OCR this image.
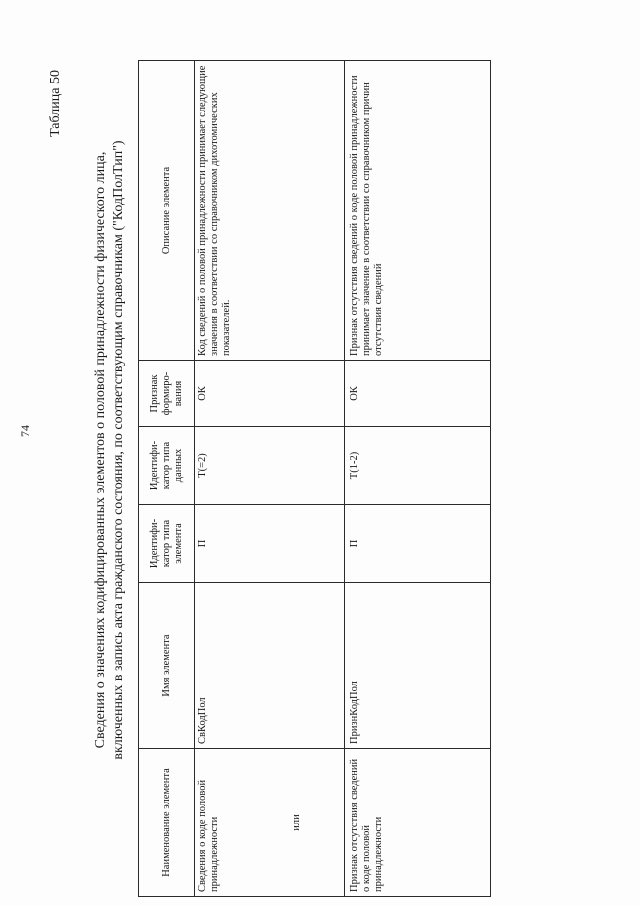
74
Таблица 50
Сведения о значениях кодифицированных элементов о половой принадлежности физического лица, включенных в запись акта гражданского состояния, по соответствующим справочникам ("КодПолТип")
Наименование элемента	Имя элемента	Идентифи-катор типа элемента	Идентифи-катор типа данных	Признак формиро-вания	Описание элемента
Сведения о коде половой принадлежности или	СвКодПол	П	T(=2)	ОК	Код сведений о половой принадлежности принимает следующие значения в соответствии со справочником дихотомических показателей.
Признак отсутствия сведений о коде половой принадлежности	ПризнКодПол	П	T(1-2)	ОК	Признак отсутствия сведений о коде половой принадлежности принимает значение в соответствии со справочником причин отсутствия сведений
